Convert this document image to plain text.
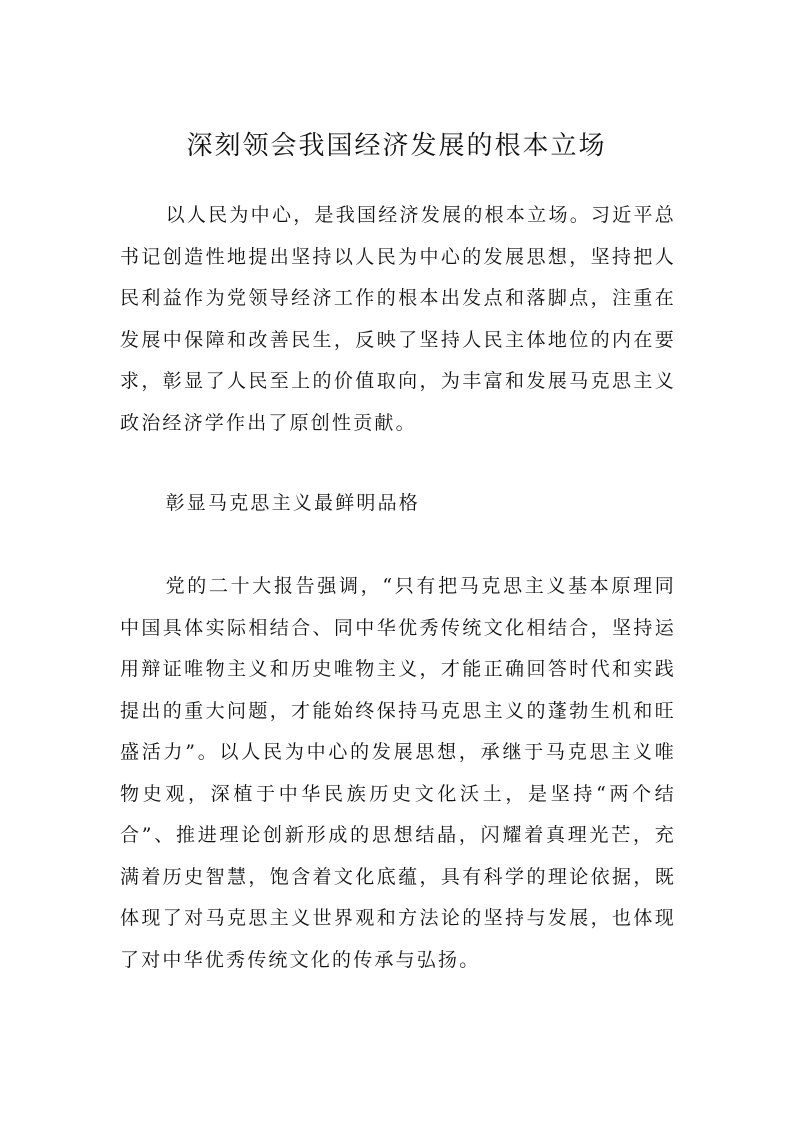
深刻领会我国经济发展的根本立场

以人民为中心，是我国经济发展的根本立场。习近平总书记创造性地提出坚持以人民为中心的发展思想，坚持把人民利益作为党领导经济工作的根本出发点和落脚点，注重在发展中保障和改善民生，反映了坚持人民主体地位的内在要求，彰显了人民至上的价值取向，为丰富和发展马克思主义政治经济学作出了原创性贡献。

彰显马克思主义最鲜明品格

党的二十大报告强调，“只有把马克思主义基本原理同中国具体实际相结合、同中华优秀传统文化相结合，坚持运用辩证唯物主义和历史唯物主义，才能正确回答时代和实践提出的重大问题，才能始终保持马克思主义的蓬勃生机和旺盛活力”。以人民为中心的发展思想，承继于马克思主义唯物史观，深植于中华民族历史文化沃土，是坚持“两个结合”、推进理论创新形成的思想结晶，闪耀着真理光芒，充满着历史智慧，饱含着文化底蕴，具有科学的理论依据，既体现了对马克思主义世界观和方法论的坚持与发展，也体现了对中华优秀传统文化的传承与弘扬。
